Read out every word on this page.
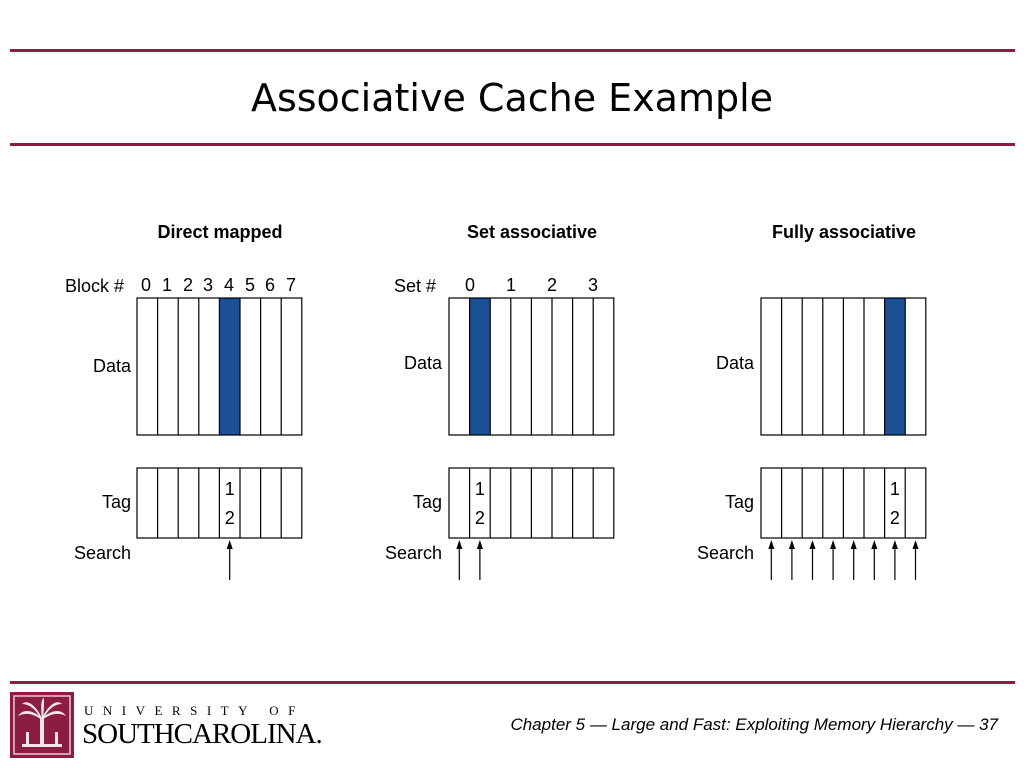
Associative Cache Example
Direct mapped
Block # 0 1 2 3 4 5 6 7
Data
Tag
1
2
Search
Set associative
Set # 0 1 2 3
Data
Tag
1
2
Search
Fully associative
Data
Tag
1
2
Search
UNIVERSITY OF
SOUTHCAROLINA.	Chapter 5 — Large and Fast: Exploiting Memory Hierarchy — 37
